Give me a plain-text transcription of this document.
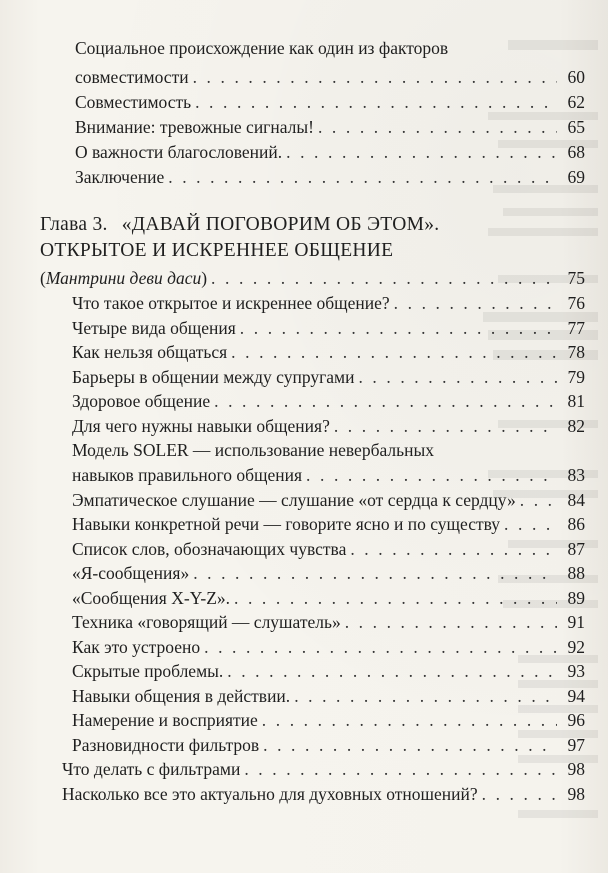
Социальное происхождение как один из факторов
совместимости . . .	60
Совместимость . . .	62
Внимание: тревожные сигналы! . . .	65
О важности благословений. . . .	68
Заключение . . .	69
Глава 3. «ДАВАЙ ПОГОВОРИМ ОБ ЭТОМ».
ОТКРЫТОЕ И ИСКРЕННЕЕ ОБЩЕНИЕ
(Мантрини деви даси) . . .	75
Что такое открытое и искреннее общение? . . .	76
Четыре вида общения . . .	77
Как нельзя общаться . . .	78
Барьеры в общении между супругами . . .	79
Здоровое общение . . .	81
Для чего нужны навыки общения? . . .	82
Модель SOLER — использование невербальных
навыков правильного общения . . .	83
Эмпатическое слушание — слушание «от сердца к сердцу» . . .	84
Навыки конкретной речи — говорите ясно и по существу . . .	86
Список слов, обозначающих чувства . . .	87
«Я-сообщения» . . .	88
«Сообщения X-Y-Z». . . .	89
Техника «говорящий — слушатель» . . .	91
Как это устроено . . .	92
Скрытые проблемы. . . .	93
Навыки общения в действии. . . .	94
Намерение и восприятие . . .	96
Разновидности фильтров . . .	97
Что делать с фильтрами . . .	98
Насколько все это актуально для духовных отношений? . . .	98
